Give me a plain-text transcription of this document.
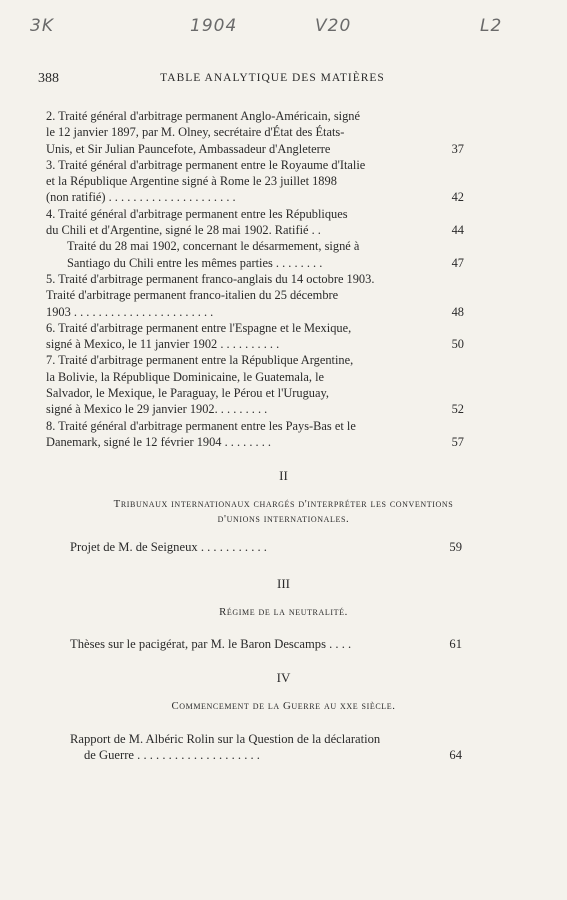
3K	1904	V20	L2
388	TABLE ANALYTIQUE DES MATIÈRES
2. Traité général d'arbitrage permanent Anglo-Américain, signé
le 12 janvier 1897, par M. Olney, secrétaire d'État des États-
Unis, et Sir Julian Pauncefote, Ambassadeur d'Angleterre	37
3. Traité général d'arbitrage permanent entre le Royaume d'Italie
et la République Argentine signé à Rome le 23 juillet 1898
(non ratifié) . . . . . . . . . . . . . . . . . . . . .	42
4. Traité général d'arbitrage permanent entre les Républiques
du Chili et d'Argentine, signé le 28 mai 1902. Ratifié . .	44
Traité du 28 mai 1902, concernant le désarmement, signé à
Santiago du Chili entre les mêmes parties . . . . . . . .	47
5. Traité d'arbitrage permanent franco-anglais du 14 octobre 1903.
Traité d'arbitrage permanent franco-italien du 25 décembre
1903 . . . . . . . . . . . . . . . . . . . . . . .	48
6. Traité d'arbitrage permanent entre l'Espagne et le Mexique,
signé à Mexico, le 11 janvier 1902 . . . . . . . . . .	50
7. Traité d'arbitrage permanent entre la République Argentine,
la Bolivie, la République Dominicaine, le Guatemala, le
Salvador, le Mexique, le Paraguay, le Pérou et l'Uruguay,
signé à Mexico le 29 janvier 1902. . . . . . . . .	52
8. Traité général d'arbitrage permanent entre les Pays-Bas et le
Danemark, signé le 12 février 1904 . . . . . . . .	57
II
Tribunaux internationaux chargés d'interpréter les conventions
d'unions internationales.
Projet de M. de Seigneux . . . . . . . . . . .	59
III
Régime de la neutralité.
Thèses sur le pacigérat, par M. le Baron Descamps . . . .	61
IV
Commencement de la Guerre au xxe siècle.
Rapport de M. Albéric Rolin sur la Question de la déclaration
de Guerre . . . . . . . . . . . . . . . . . . . .	64
